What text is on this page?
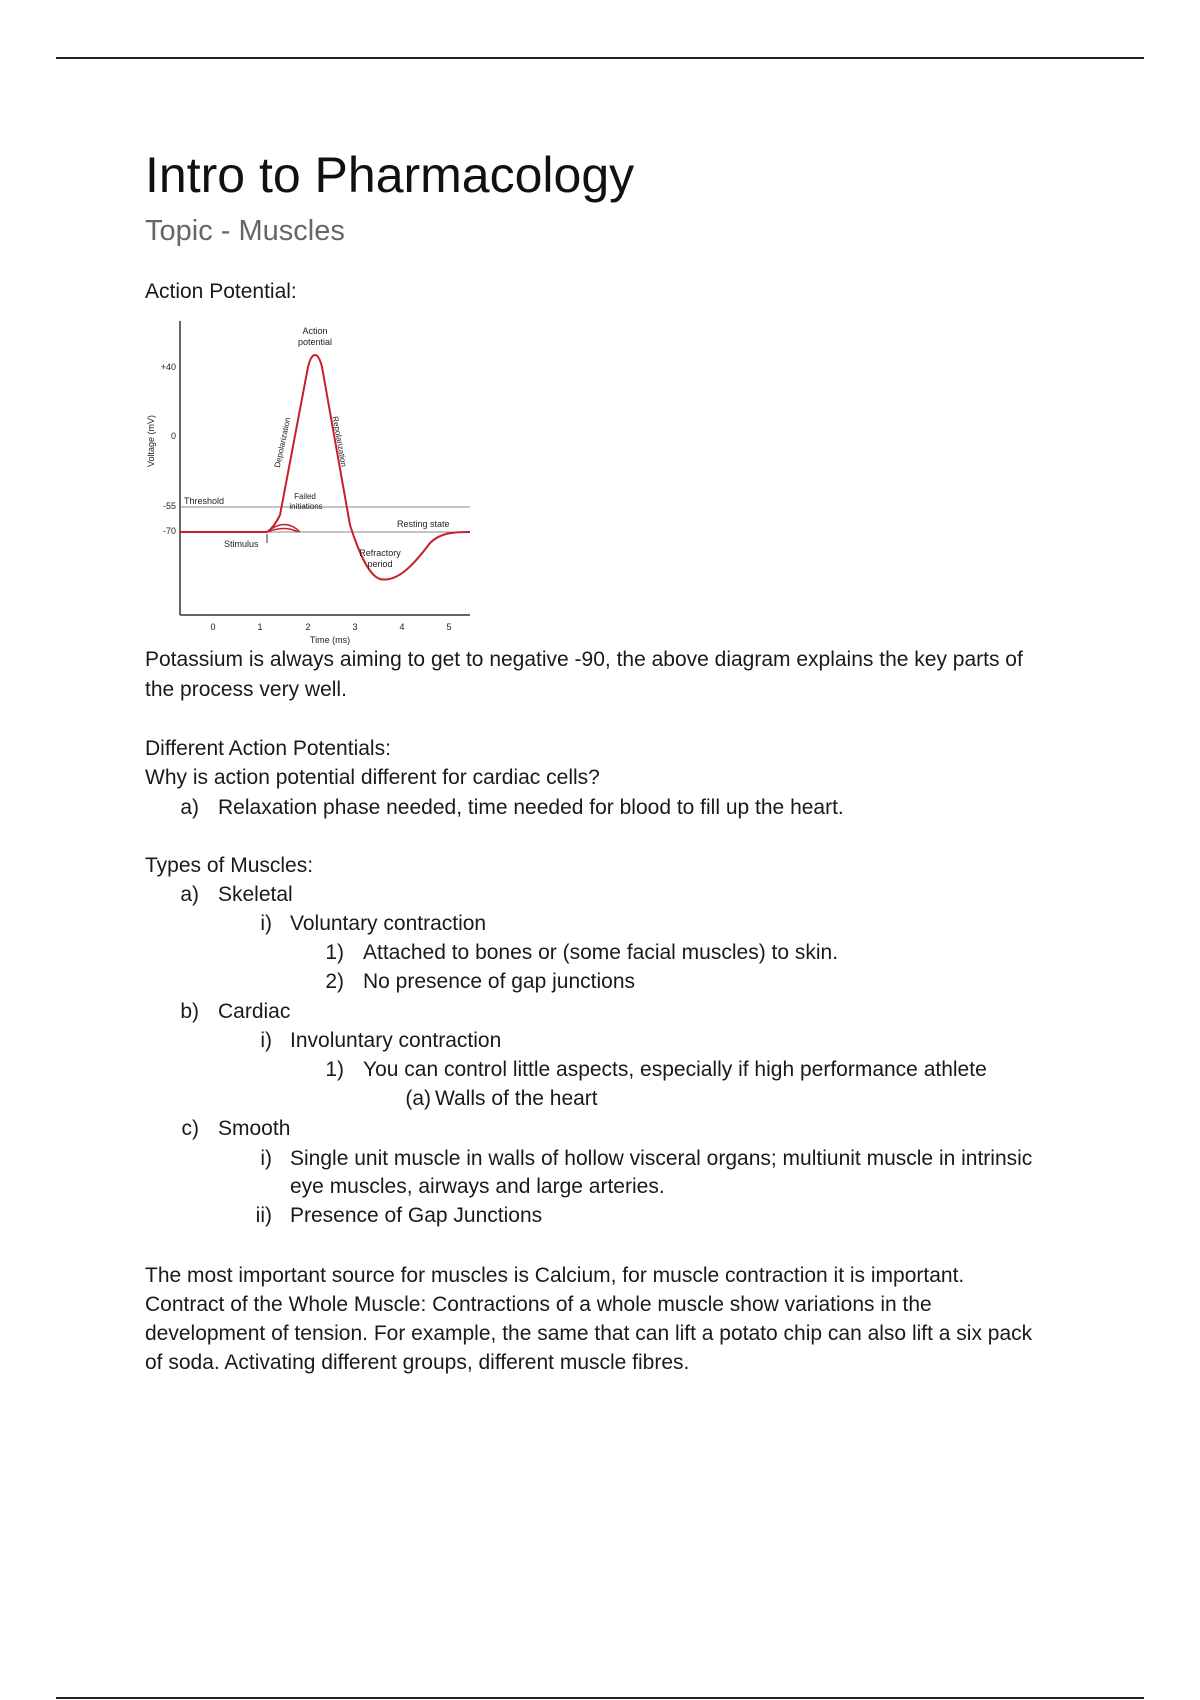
Intro to Pharmacology
Topic - Muscles
Action Potential:
Voltage (mV)
+40
0
-55
-70
0	1	2	3	4	5
Time (ms)
Threshold
Stimulus
Action
potential
Depolarization	Repolarization
Failed
initiations
Resting state
Refractory
period
Potassium is always aiming to get to negative -90, the above diagram explains the key parts of
the process very well.
Different Action Potentials:
Why is action potential different for cardiac cells?
a) Relaxation phase needed, time needed for blood to fill up the heart.
Types of Muscles:
a) Skeletal
i) Voluntary contraction
1) Attached to bones or (some facial muscles) to skin.
2) No presence of gap junctions
b) Cardiac
i) Involuntary contraction
1) You can control little aspects, especially if high performance athlete
(a) Walls of the heart
c) Smooth
i) Single unit muscle in walls of hollow visceral organs; multiunit muscle in intrinsic
eye muscles, airways and large arteries.
ii) Presence of Gap Junctions
The most important source for muscles is Calcium, for muscle contraction it is important.
Contract of the Whole Muscle: Contractions of a whole muscle show variations in the
development of tension. For example, the same that can lift a potato chip can also lift a six pack
of soda. Activating different groups, different muscle fibres.
